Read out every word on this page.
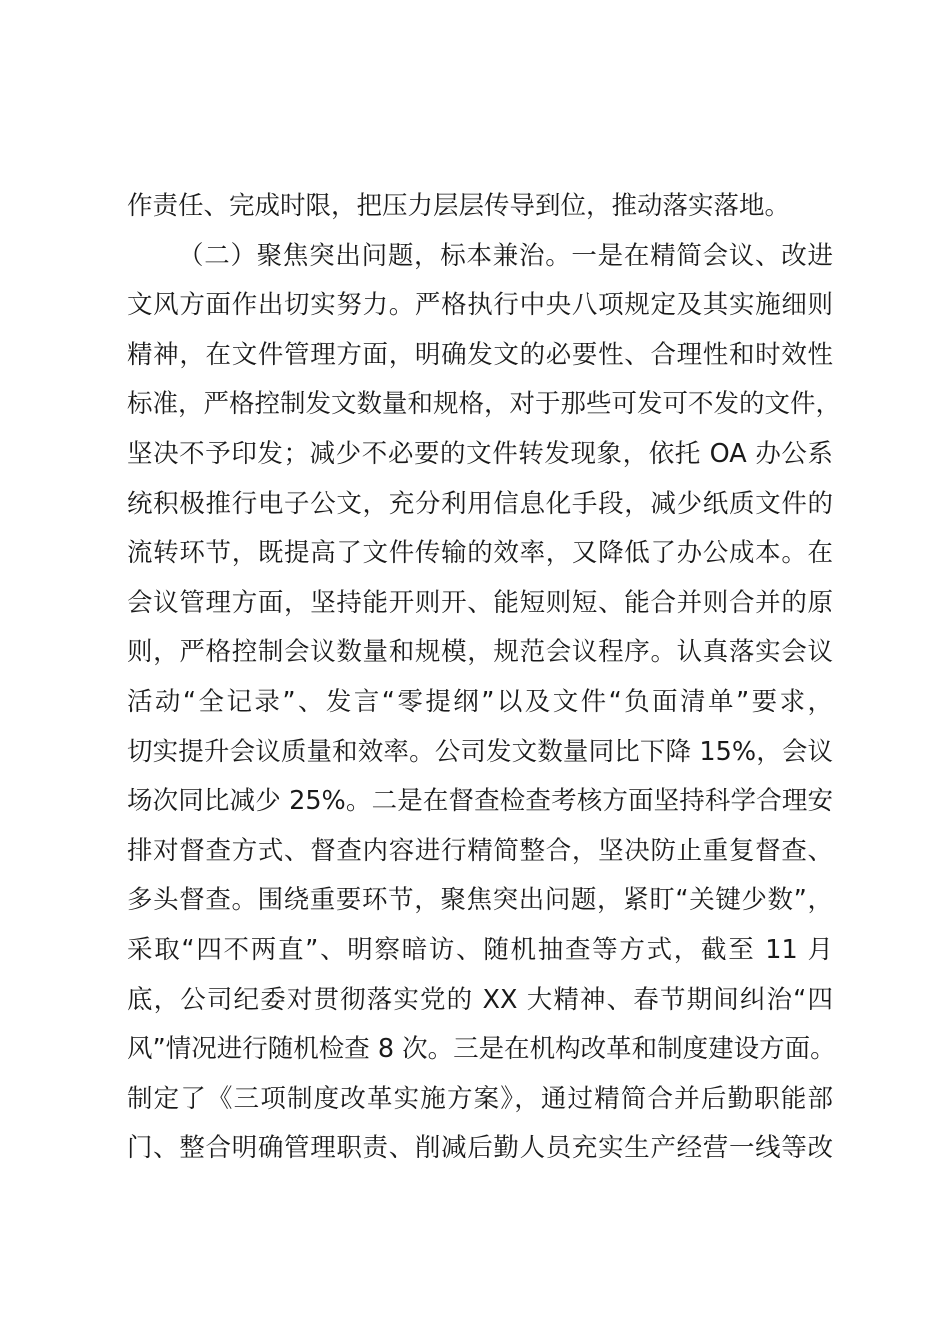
作责任、完成时限，把压力层层传导到位，推动落实落地。
（二）聚焦突出问题，标本兼治。一是在精简会议、改进
文风方面作出切实努力。严格执行中央八项规定及其实施细则
精神，在文件管理方面，明确发文的必要性、合理性和时效性
标准，严格控制发文数量和规格，对于那些可发可不发的文件，
坚决不予印发；减少不必要的文件转发现象，依托 OA 办公系
统积极推行电子公文，充分利用信息化手段，减少纸质文件的
流转环节，既提高了文件传输的效率，又降低了办公成本。在
会议管理方面，坚持能开则开、能短则短、能合并则合并的原
则，严格控制会议数量和规模，规范会议程序。认真落实会议
活动“全记录”、发言“零提纲”以及文件“负面清单”要求，
切实提升会议质量和效率。公司发文数量同比下降 15%，会议
场次同比减少 25%。二是在督查检查考核方面坚持科学合理安
排对督查方式、督查内容进行精简整合，坚决防止重复督查、
多头督查。围绕重要环节，聚焦突出问题，紧盯“关键少数”，
采取“四不两直”、明察暗访、随机抽查等方式，截至 11 月
底，公司纪委对贯彻落实党的 XX 大精神、春节期间纠治“四
风”情况进行随机检查 8 次。三是在机构改革和制度建设方面。
制定了《三项制度改革实施方案》，通过精简合并后勤职能部
门、整合明确管理职责、削减后勤人员充实生产经营一线等改
